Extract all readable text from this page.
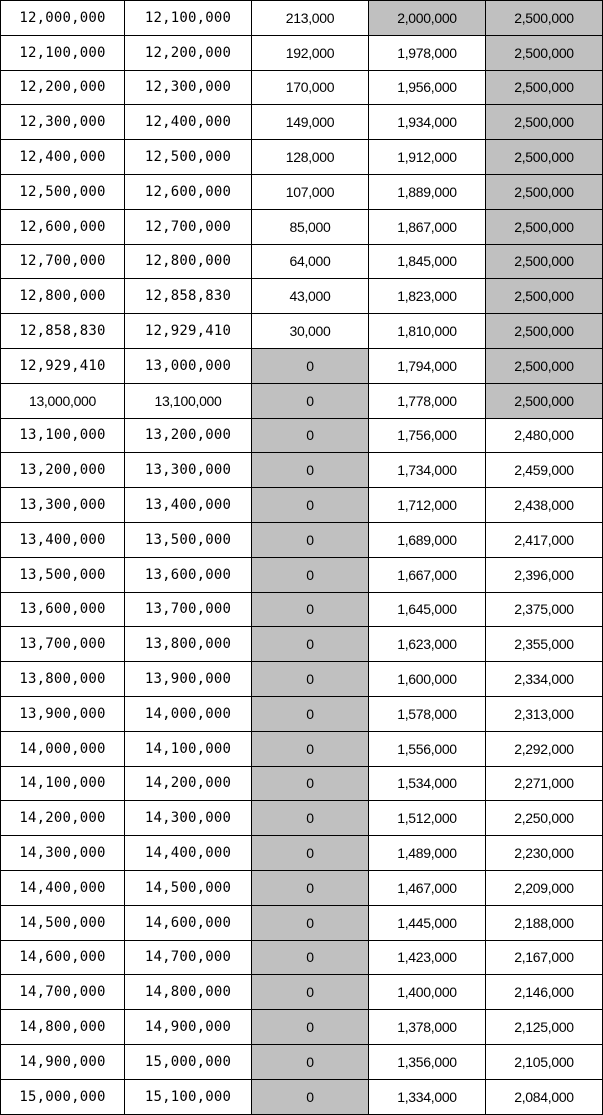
12,000,000	12,100,000	213,000	2,000,000	2,500,000
12,100,000	12,200,000	192,000	1,978,000	2,500,000
12,200,000	12,300,000	170,000	1,956,000	2,500,000
12,300,000	12,400,000	149,000	1,934,000	2,500,000
12,400,000	12,500,000	128,000	1,912,000	2,500,000
12,500,000	12,600,000	107,000	1,889,000	2,500,000
12,600,000	12,700,000	85,000	1,867,000	2,500,000
12,700,000	12,800,000	64,000	1,845,000	2,500,000
12,800,000	12,858,830	43,000	1,823,000	2,500,000
12,858,830	12,929,410	30,000	1,810,000	2,500,000
12,929,410	13,000,000	0	1,794,000	2,500,000
13,000,000	13,100,000	0	1,778,000	2,500,000
13,100,000	13,200,000	0	1,756,000	2,480,000
13,200,000	13,300,000	0	1,734,000	2,459,000
13,300,000	13,400,000	0	1,712,000	2,438,000
13,400,000	13,500,000	0	1,689,000	2,417,000
13,500,000	13,600,000	0	1,667,000	2,396,000
13,600,000	13,700,000	0	1,645,000	2,375,000
13,700,000	13,800,000	0	1,623,000	2,355,000
13,800,000	13,900,000	0	1,600,000	2,334,000
13,900,000	14,000,000	0	1,578,000	2,313,000
14,000,000	14,100,000	0	1,556,000	2,292,000
14,100,000	14,200,000	0	1,534,000	2,271,000
14,200,000	14,300,000	0	1,512,000	2,250,000
14,300,000	14,400,000	0	1,489,000	2,230,000
14,400,000	14,500,000	0	1,467,000	2,209,000
14,500,000	14,600,000	0	1,445,000	2,188,000
14,600,000	14,700,000	0	1,423,000	2,167,000
14,700,000	14,800,000	0	1,400,000	2,146,000
14,800,000	14,900,000	0	1,378,000	2,125,000
14,900,000	15,000,000	0	1,356,000	2,105,000
15,000,000	15,100,000	0	1,334,000	2,084,000
